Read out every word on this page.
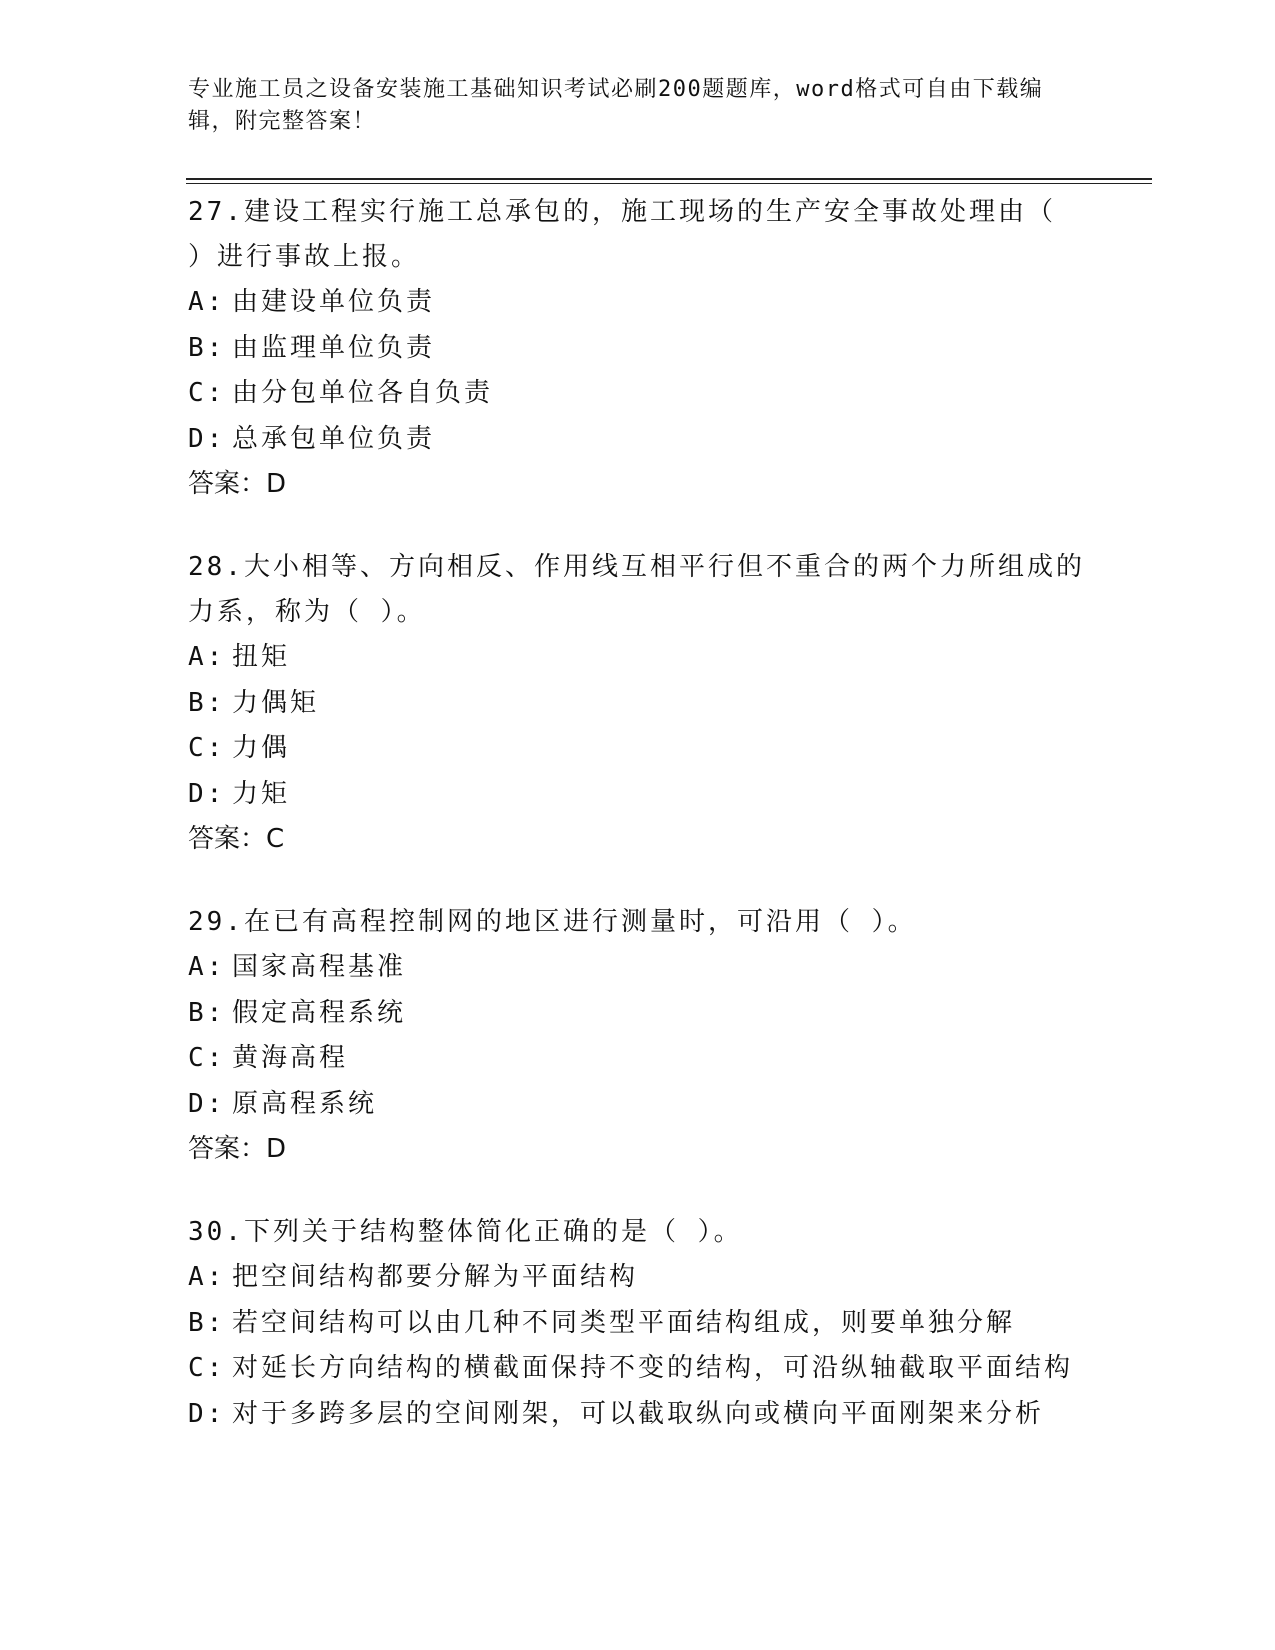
专业施工员之设备安装施工基础知识考试必刷200题题库，word格式可自由下载编辑，附完整答案！

27.建设工程实行施工总承包的，施工现场的生产安全事故处理由（ ）进行事故上报。

A: 由建设单位负责

B: 由监理单位负责

C: 由分包单位各自负责

D: 总承包单位负责

答案：D

28.大小相等、方向相反、作用线互相平行但不重合的两个力所组成的力系，称为（ ）。

A: 扭矩

B: 力偶矩

C: 力偶

D: 力矩

答案：C

29.在已有高程控制网的地区进行测量时，可沿用（ ）。

A: 国家高程基准

B: 假定高程系统

C: 黄海高程

D: 原高程系统

答案：D

30.下列关于结构整体简化正确的是（ ）。

A: 把空间结构都要分解为平面结构

B: 若空间结构可以由几种不同类型平面结构组成，则要单独分解

C: 对延长方向结构的横截面保持不变的结构，可沿纵轴截取平面结构

D: 对于多跨多层的空间刚架，可以截取纵向或横向平面刚架来分析
